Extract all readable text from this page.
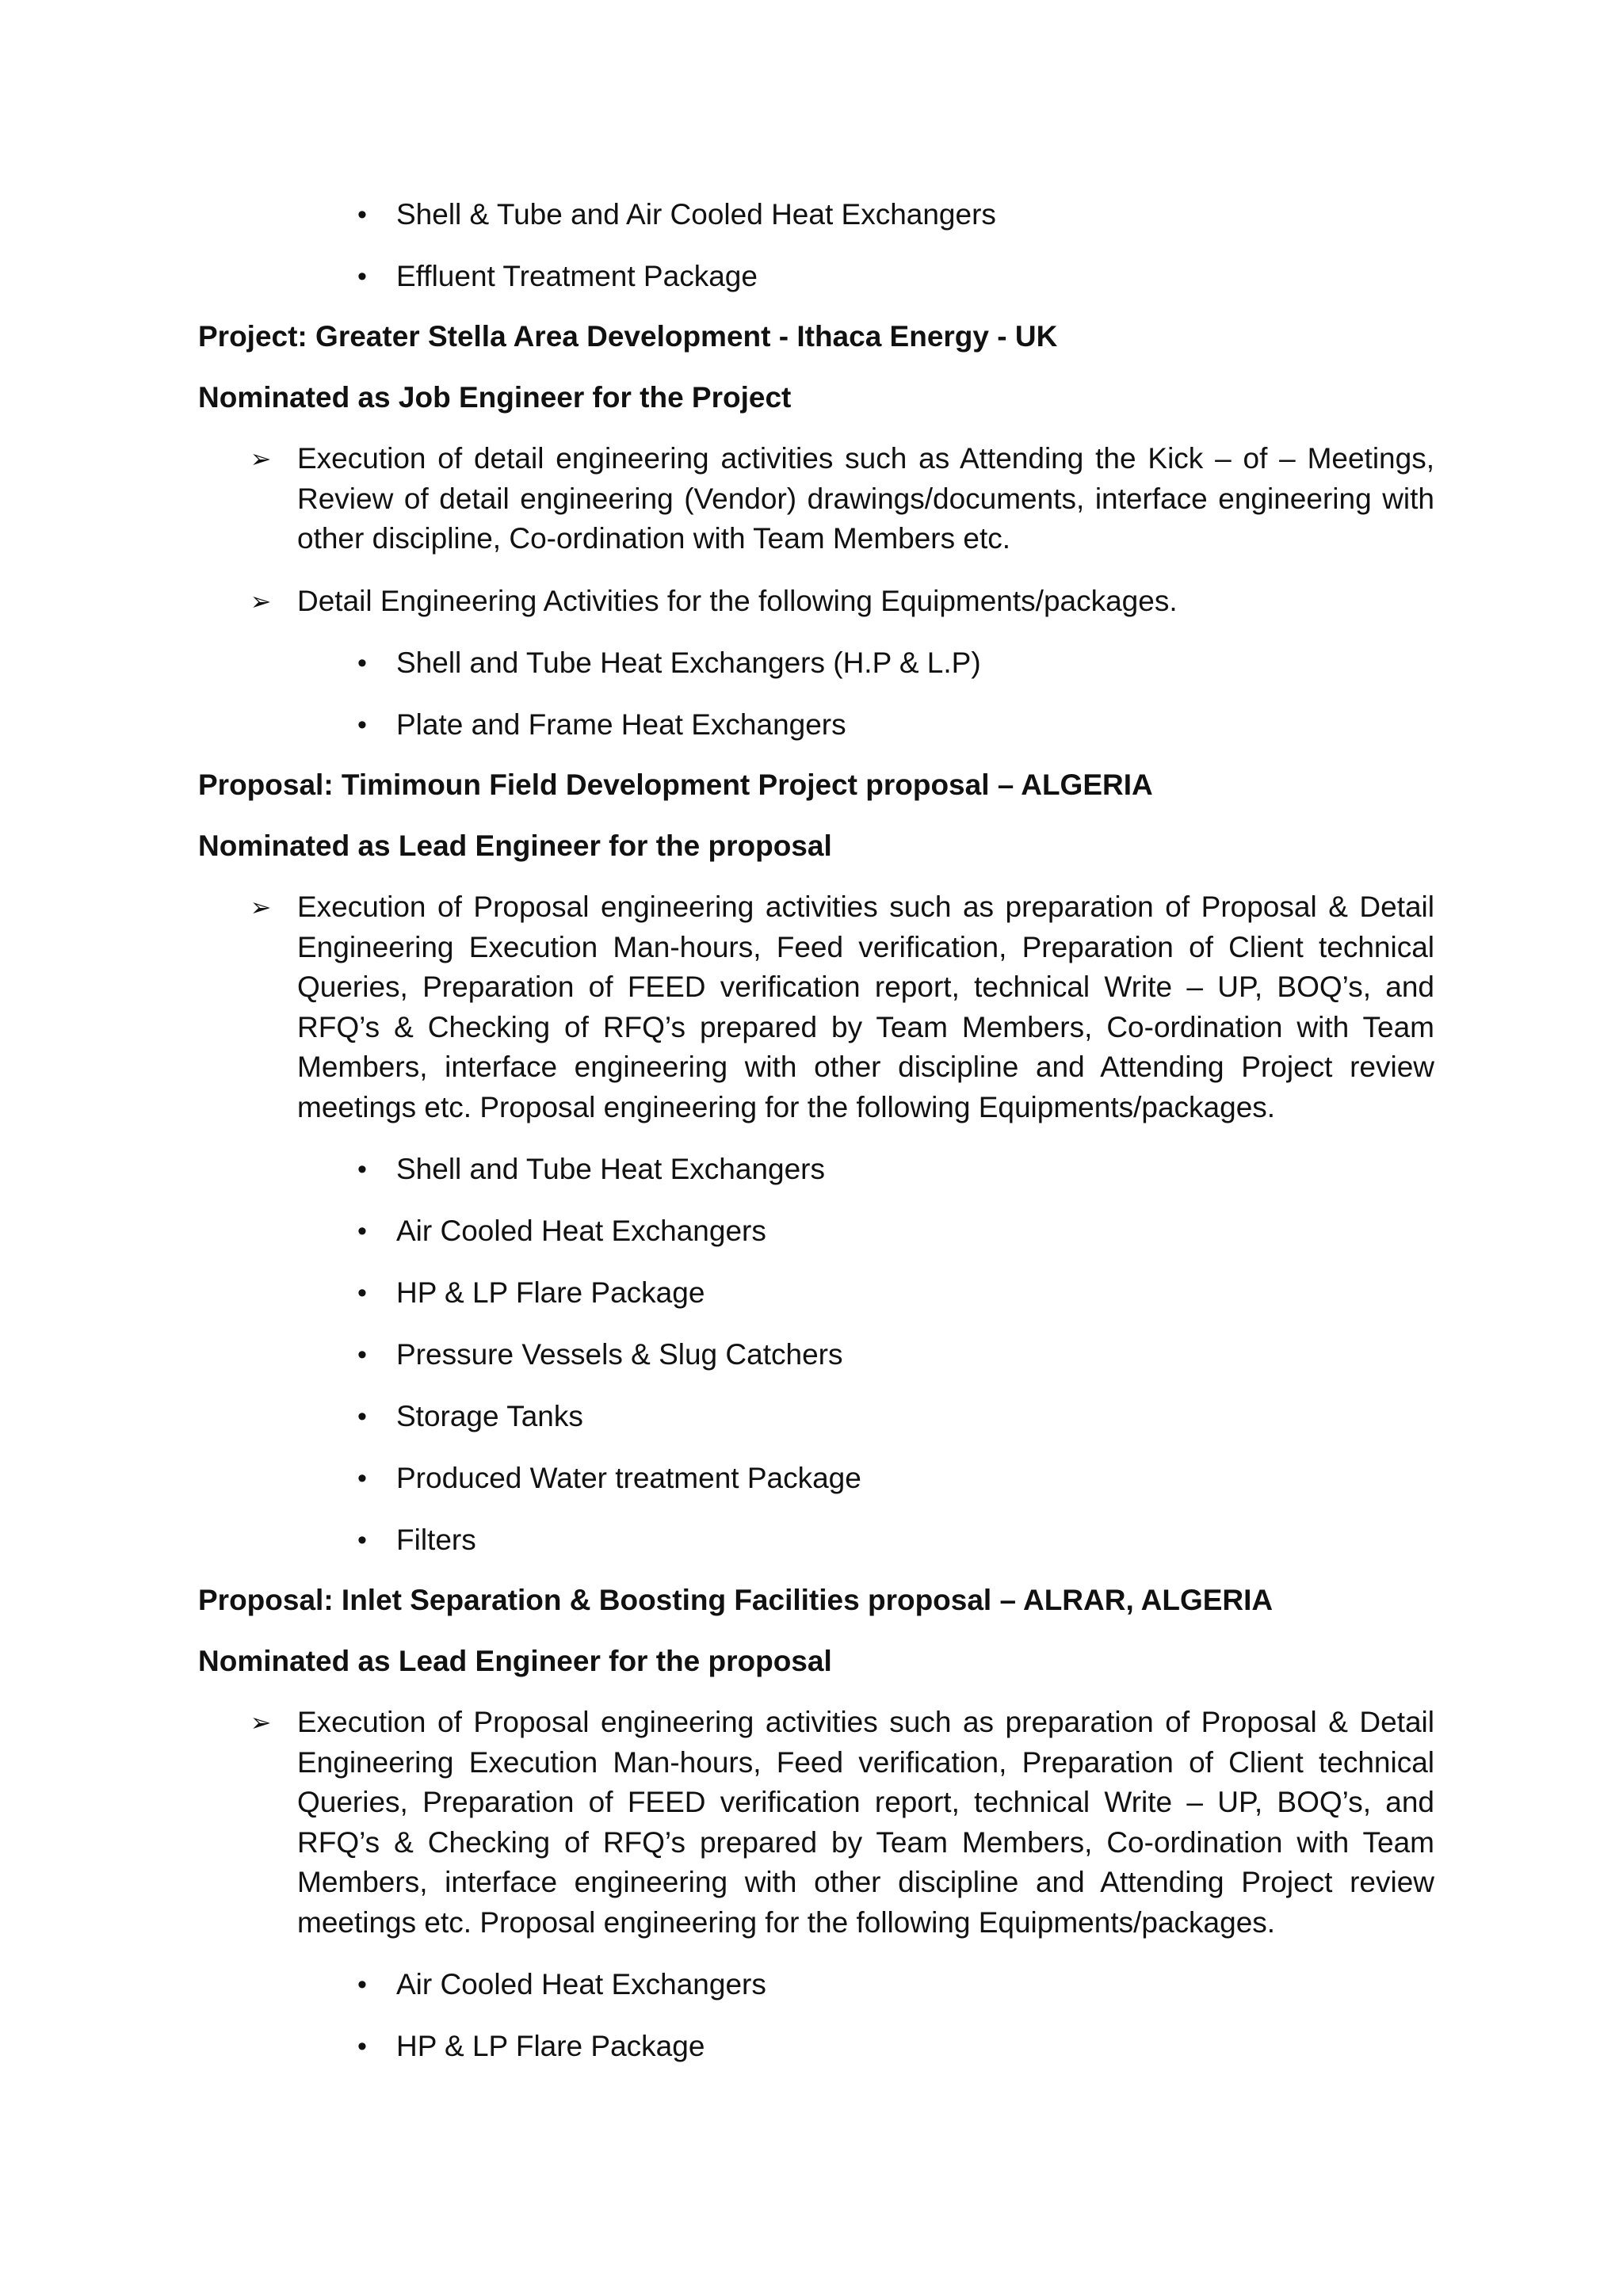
• Shell & Tube and Air Cooled Heat Exchangers
• Effluent Treatment Package
Project: Greater Stella Area Development - Ithaca Energy - UK
Nominated as Job Engineer for the Project
➢ Execution of detail engineering activities such as Attending the Kick – of – Meetings, Review of detail engineering (Vendor) drawings/documents, interface engineering with other discipline, Co-ordination with Team Members etc.
➢ Detail Engineering Activities for the following Equipments/packages.
• Shell and Tube Heat Exchangers (H.P & L.P)
• Plate and Frame Heat Exchangers
Proposal: Timimoun Field Development Project proposal – ALGERIA
Nominated as Lead Engineer for the proposal
➢ Execution of Proposal engineering activities such as preparation of Proposal & Detail Engineering Execution Man-hours, Feed verification, Preparation of Client technical Queries, Preparation of FEED verification report, technical Write – UP, BOQ’s, and RFQ’s & Checking of RFQ’s prepared by Team Members, Co-ordination with Team Members, interface engineering with other discipline and Attending Project review meetings etc. Proposal engineering for the following Equipments/packages.
• Shell and Tube Heat Exchangers
• Air Cooled Heat Exchangers
• HP & LP Flare Package
• Pressure Vessels & Slug Catchers
• Storage Tanks
• Produced Water treatment Package
• Filters
Proposal: Inlet Separation & Boosting Facilities proposal – ALRAR, ALGERIA
Nominated as Lead Engineer for the proposal
➢ Execution of Proposal engineering activities such as preparation of Proposal & Detail Engineering Execution Man-hours, Feed verification, Preparation of Client technical Queries, Preparation of FEED verification report, technical Write – UP, BOQ’s, and RFQ’s & Checking of RFQ’s prepared by Team Members, Co-ordination with Team Members, interface engineering with other discipline and Attending Project review meetings etc. Proposal engineering for the following Equipments/packages.
• Air Cooled Heat Exchangers
• HP & LP Flare Package
